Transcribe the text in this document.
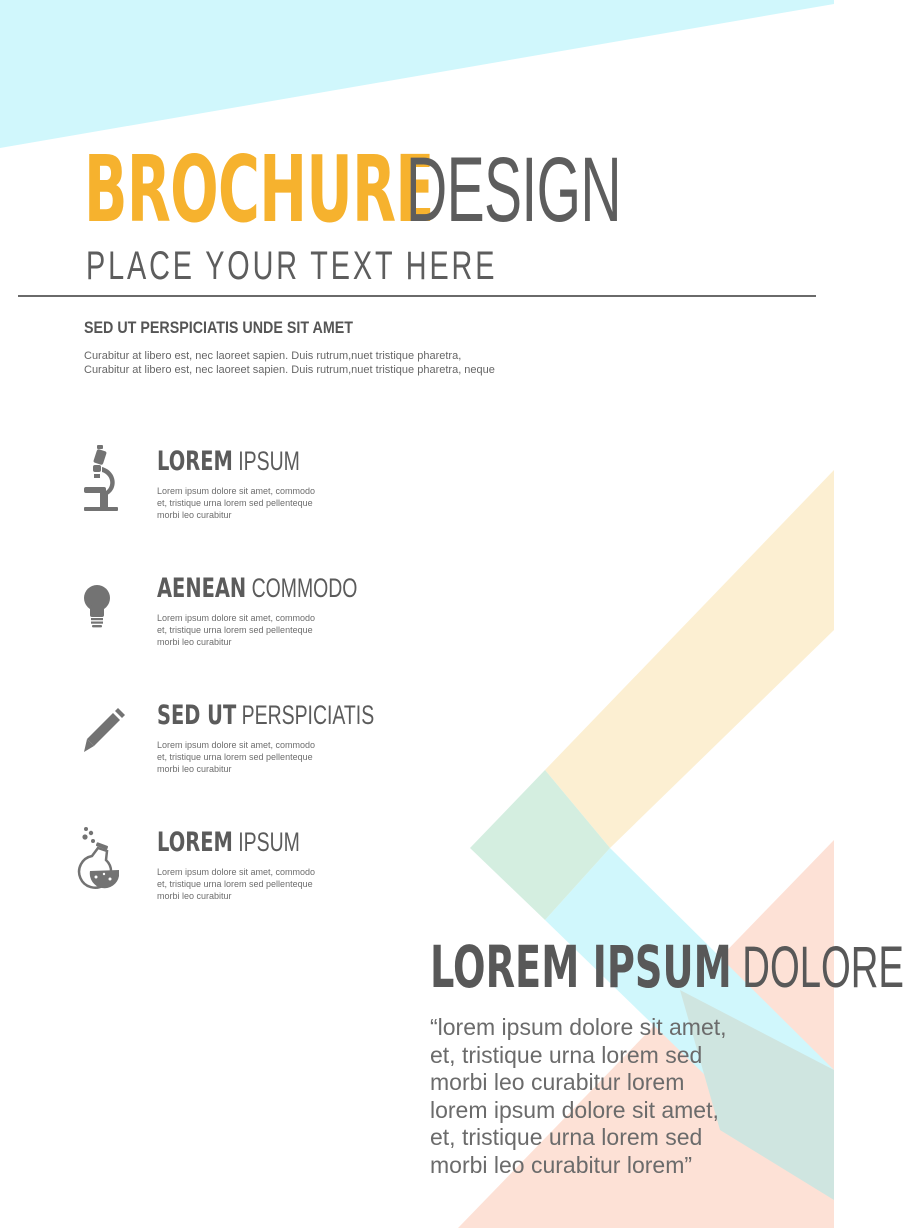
BROCHUREDESIGN
PLACE YOUR TEXT HERE
SED UT PERSPICIATIS UNDE SIT AMET
Curabitur at libero est, nec laoreet sapien. Duis rutrum,nuet tristique pharetra,
Curabitur at libero est, nec laoreet sapien. Duis rutrum,nuet tristique pharetra, neque
LOREM IPSUM
Lorem ipsum dolore sit amet, commodo
et, tristique urna lorem sed pellenteque
morbi leo curabitur
AENEAN COMMODO
Lorem ipsum dolore sit amet, commodo
et, tristique urna lorem sed pellenteque
morbi leo curabitur
SED UT PERSPICIATIS
Lorem ipsum dolore sit amet, commodo
et, tristique urna lorem sed pellenteque
morbi leo curabitur
LOREM IPSUM
Lorem ipsum dolore sit amet, commodo
et, tristique urna lorem sed pellenteque
morbi leo curabitur
LOREM IPSUM DOLORE
“lorem ipsum dolore sit amet,
et, tristique urna lorem sed
morbi leo curabitur lorem
lorem ipsum dolore sit amet,
et, tristique urna lorem sed
morbi leo curabitur lorem”
